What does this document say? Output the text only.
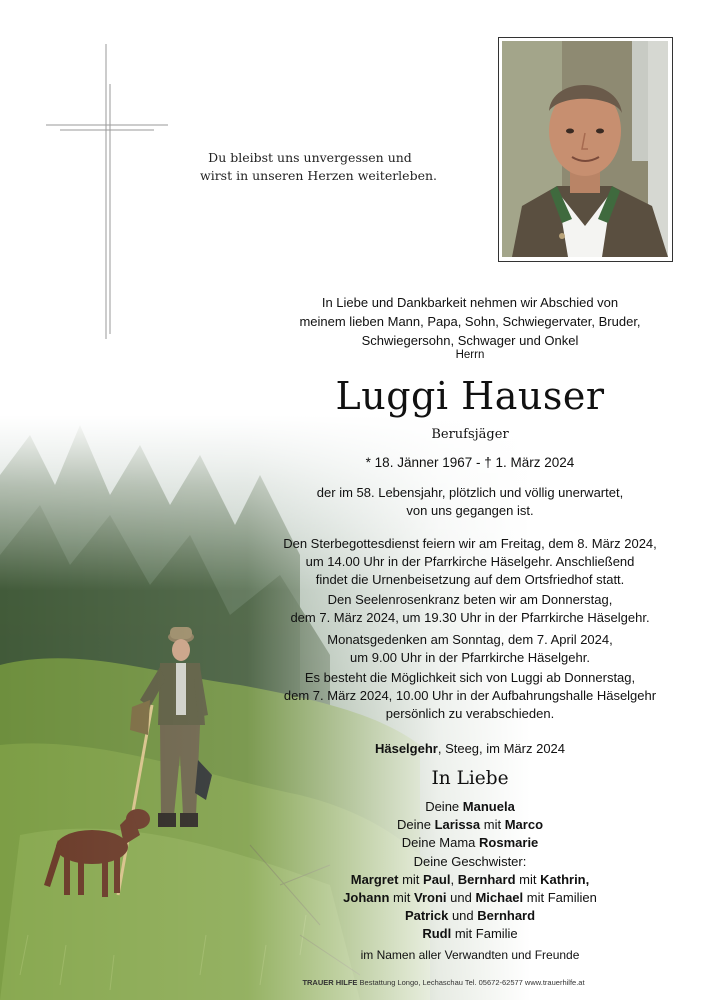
Du bleibst uns unvergessen und
wirst in unseren Herzen weiterleben.
In Liebe und Dankbarkeit nehmen wir Abschied von
meinem lieben Mann, Papa, Sohn, Schwiegervater, Bruder,
Schwiegersohn, Schwager und Onkel
Herrn
Luggi Hauser
Berufsjäger
* 18. Jänner 1967 - † 1. März 2024
der im 58. Lebensjahr, plötzlich und völlig unerwartet,
von uns gegangen ist.
Den Sterbegottesdienst feiern wir am Freitag, dem 8. März 2024,
um 14.00 Uhr in der Pfarrkirche Häselgehr. Anschließend
findet die Urnenbeisetzung auf dem Ortsfriedhof statt.
Den Seelenrosenkranz beten wir am Donnerstag,
dem 7. März 2024, um 19.30 Uhr in der Pfarrkirche Häselgehr.
Monatsgedenken am Sonntag, dem 7. April 2024,
um 9.00 Uhr in der Pfarrkirche Häselgehr.
Es besteht die Möglichkeit sich von Luggi ab Donnerstag,
dem 7. März 2024, 10.00 Uhr in der Aufbahrungshalle Häselgehr
persönlich zu verabschieden.
Häselgehr, Steeg, im März 2024
In Liebe
Deine Manuela
Deine Larissa mit Marco
Deine Mama Rosmarie
Deine Geschwister:
Margret mit Paul, Bernhard mit Kathrin,
Johann mit Vroni und Michael mit Familien
Patrick und Bernhard
Rudl mit Familie
im Namen aller Verwandten und Freunde
TRAUER HILFE Bestattung Longo, Lechaschau Tel. 05672-62577 www.trauerhilfe.at
